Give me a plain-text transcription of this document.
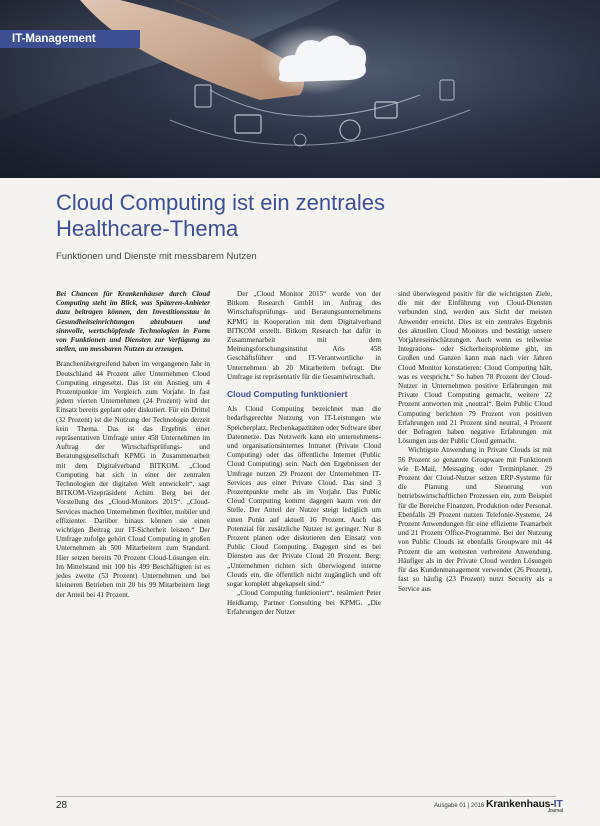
IT-Management
Cloud Computing ist ein zentrales
Healthcare-Thema
Funktionen und Dienste mit messbarem Nutzen

Bei Chancen für Krankenhäuser durch Cloud Computing steht im Blick, was Späteren-Anbieter dazu beitragen können, den Investitionsstau in Gesundheitseinrichtungen abzubauen und sinnvolle, wertschöpfende Technologien in Form von Funktionen und Diensten zur Verfügung zu stellen, um messbaren Nutzen zu erzeugen.

Branchenübergreifend haben im vergangenen Jahr in Deutschland 44 Prozent aller Unternehmen Cloud Computing eingesetzt. Das ist ein Anstieg um 4 Prozentpunkte im Vergleich zum Vorjahr. In fast jedem vierten Unternehmen (24 Prozent) wird der Einsatz bereits geplant oder diskutiert. Für ein Drittel (32 Prozent) ist die Nutzung der Technologie derzeit kein Thema. Das ist das Ergebnis einer repräsentativen Umfrage unter 458 Unternehmen im Auftrag der Wirtschaftsprüfungs- und Beratungsgesellschaft KPMG in Zusammenarbeit mit dem Digitalverband BITKOM. „Cloud Computing hat sich in einer der zentralen Technologien der digitalen Welt entwickelt“, sagt BITKOM-Vizepräsident Achim Berg bei der Vorstellung des „Cloud-Monitors 2015“. „Cloud-Services machen Unternehmen flexibler, mobiler und effizienter. Darüber hinaus können sie einen wichtigen Beitrag zur IT-Sicherheit leisten.“ Der Umfrage zufolge gehört Cloud Computing in großen Unternehmen ab 500 Mitarbeitern zum Standard. Hier setzen bereits 70 Prozent Cloud-Lösungen ein. Im Mittelstand mit 100 bis 499 Beschäftigten ist es jedes zweite (53 Prozent) Unternehmen und bei kleineren Betrieben mit 20 bis 99 Mitarbeitern liegt der Anteil bei 41 Prozent.

Der „Cloud Monitor 2015“ wurde von der Bitkom Research GmbH im Auftrag des Wirtschaftsprüfungs- und Beratungsunternehmens KPMG in Kooperation mit dem Digitalverband BITKOM erstellt. Bitkom Research hat dafür in Zusammenarbeit mit dem Meinungsforschungsinstitut Aris 458 Geschäftsführer und IT-Verantwortliche in Unternehmen ab 20 Mitarbeitern befragt. Die Umfrage ist repräsentativ für die Gesamtwirtschaft.

Cloud Computing funktioniert

Als Cloud Computing bezeichnet man die bedarfsgerechte Nutzung von IT-Leistungen wie Speicherplatz, Rechenkapazitäten oder Software über Datennetze. Das Netzwerk kann ein unternehmens- und organisationsinternes Intranet (Private Cloud Computing) oder das öffentliche Internet (Public Cloud Computing) sein. Nach den Ergebnissen der Umfrage nutzen 29 Prozent der Unternehmen IT-Services aus einer Private Cloud. Das sind 3 Prozentpunkte mehr als im Vorjahr. Das Public Cloud Computing kommt dagegen kaum von der Stelle. Der Anteil der Nutzer steigt lediglich um einen Punkt auf aktuell 16 Prozent. Auch das Potenzial für zusätzliche Nutzer ist geringer. Nur 8 Prozent planen oder diskutieren den Einsatz von Public Cloud Computing. Dagegen sind es bei Diensten aus der Private Cloud 20 Prozent. Berg: „Unternehmen richten sich überwiegend interne Clouds ein, die öffentlich nicht zugänglich und oft sogar komplett abgekapselt sind.“

„Cloud Computing funktioniert“, resümiert Peter Heidkamp, Partner Consulting bei KPMG. „Die Erfahrungen der Nutzer

sind überwiegend positiv für die wichtigsten Ziele, die mit der Einführung von Cloud-Diensten verbunden sind, werden aus Sicht der meisten Anwender erreicht. Dies ist ein zentrales Ergebnis des aktuellen Cloud Monitors und bestätigt unsere Vorjahreseinschätzungen. Auch wenn es teilweise Integrations- oder Sicherheitsprobleme gibt, im Großen und Ganzen kann man nach vier Jahren Cloud Monitor konstatieren: Cloud Computing hält, was es verspricht.“ So haben 78 Prozent der Cloud-Nutzer in Unternehmen positive Erfahrungen mit Private Cloud Computing gemacht, weitere 22 Prozent antworten mit „neutral“. Beim Public Cloud Computing berichten 79 Prozent von positiven Erfahrungen und 21 Prozent sind neutral. 4 Prozent der Befragten haben negative Erfahrungen mit Lösungen aus der Public Cloud gemacht.

Wichtigste Anwendung in Private Clouds ist mit 56 Prozent so genannte Groupware mit Funktionen wie E-Mail, Messaging oder Terminplaner. 29 Prozent der Cloud-Nutzer setzen ERP-Systeme für die Planung und Steuerung von betriebswirtschaftlichen Prozessen ein, zum Beispiel für die Bereiche Finanzen, Produktion oder Personal. Ebenfalls 29 Prozent nutzen Telefonie-Systeme, 24 Prozent Anwendungen für eine effiziente Teamarbeit und 21 Prozent Office-Programme. Bei der Nutzung von Public Clouds ist ebenfalls Groupware mit 44 Prozent die am weitesten verbreitete Anwendung. Häufiger als in der Private Cloud werden Lösungen für das Kundenmanagement verwendet (26 Prozent), fast so häufig (23 Prozent) nutzt Security als a Service aus

28	Ausgabe 01 | 2016 Krankenhaus-IT
Journal
